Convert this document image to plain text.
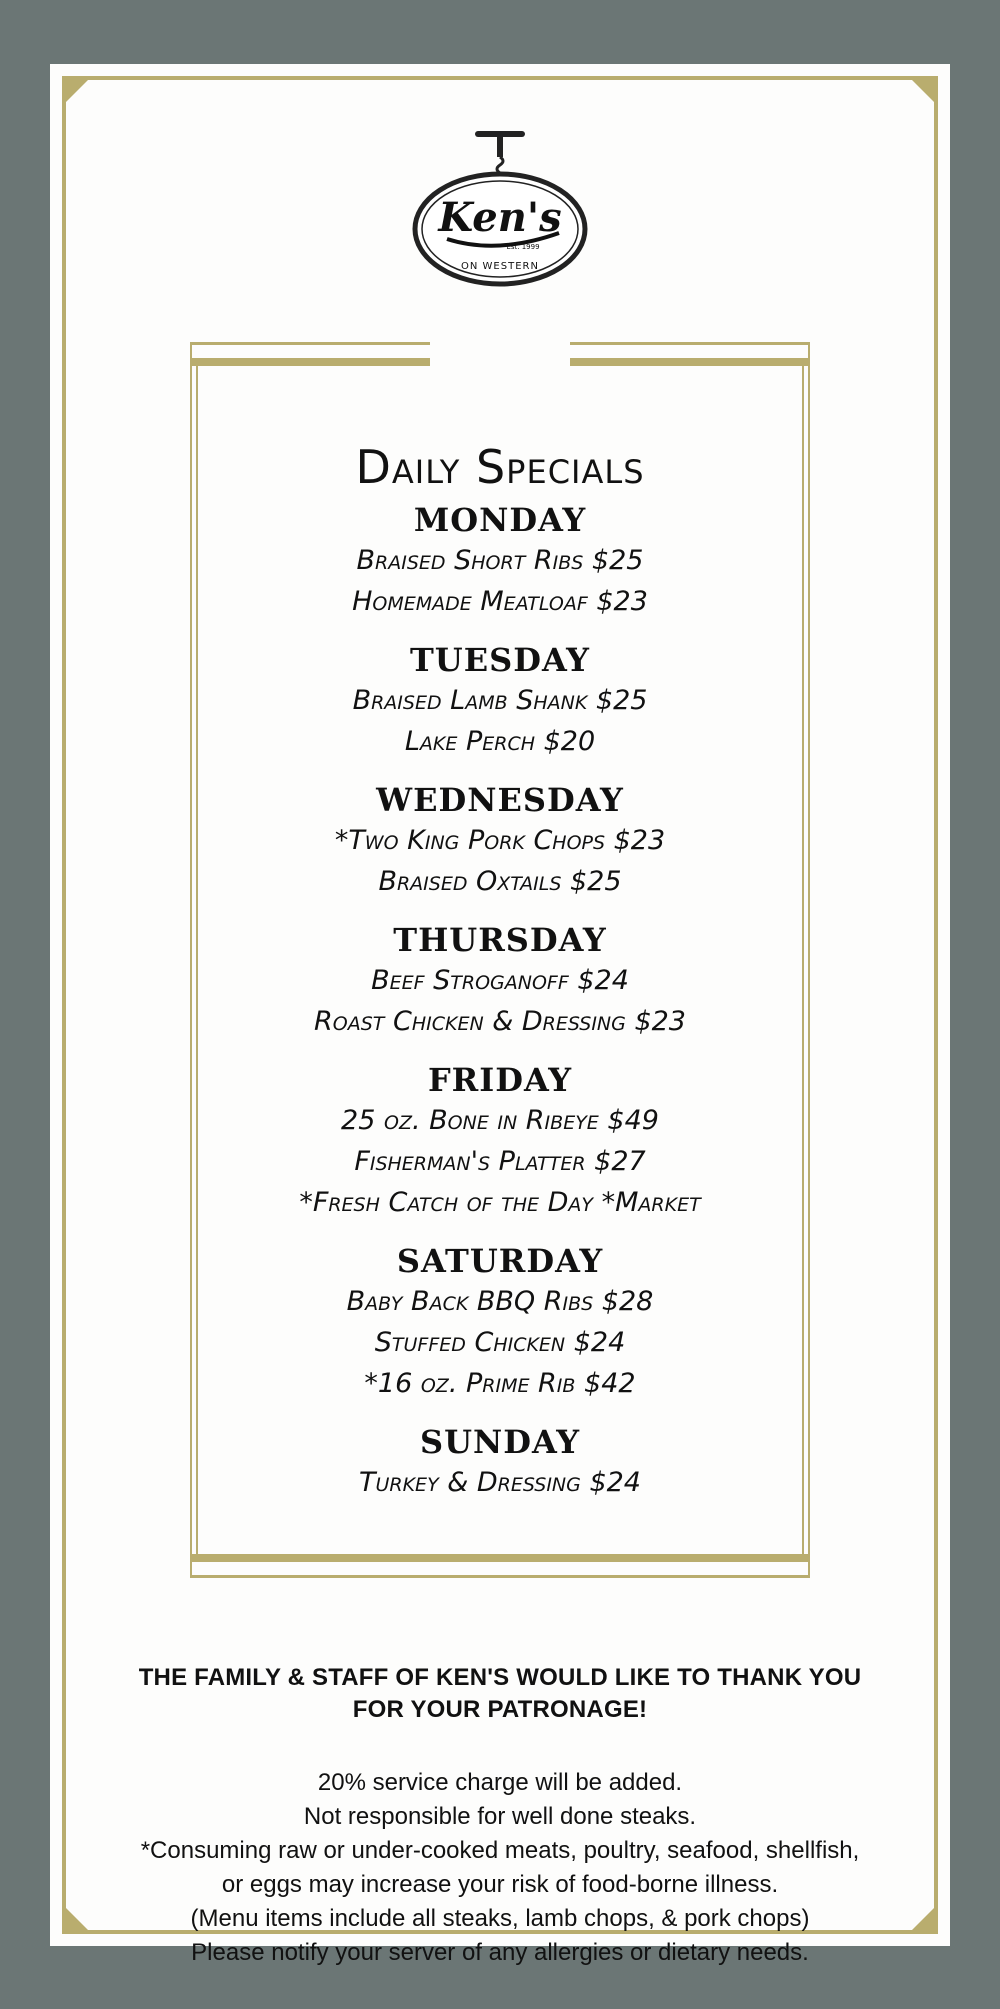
Ken's
Est. 1999
ON WESTERN
Daily Specials
MONDAY
Braised Short Ribs $25
Homemade Meatloaf $23
TUESDAY
Braised Lamb Shank $25
Lake Perch $20
WEDNESDAY
*Two King Pork Chops $23
Braised Oxtails $25
THURSDAY
Beef Stroganoff $24
Roast Chicken & Dressing $23
FRIDAY
25 oz. Bone in Ribeye $49
Fisherman's Platter $27
*Fresh Catch of the Day *Market
SATURDAY
Baby Back BBQ Ribs $28
Stuffed Chicken $24
*16 oz. Prime Rib $42
SUNDAY
Turkey & Dressing $24
THE FAMILY & STAFF OF KEN'S WOULD LIKE TO THANK YOU FOR YOUR PATRONAGE!
20% service charge will be added.
Not responsible for well done steaks.
*Consuming raw or under-cooked meats, poultry, seafood, shellfish,
or eggs may increase your risk of food-borne illness.
(Menu items include all steaks, lamb chops, & pork chops)
Please notify your server of any allergies or dietary needs.
